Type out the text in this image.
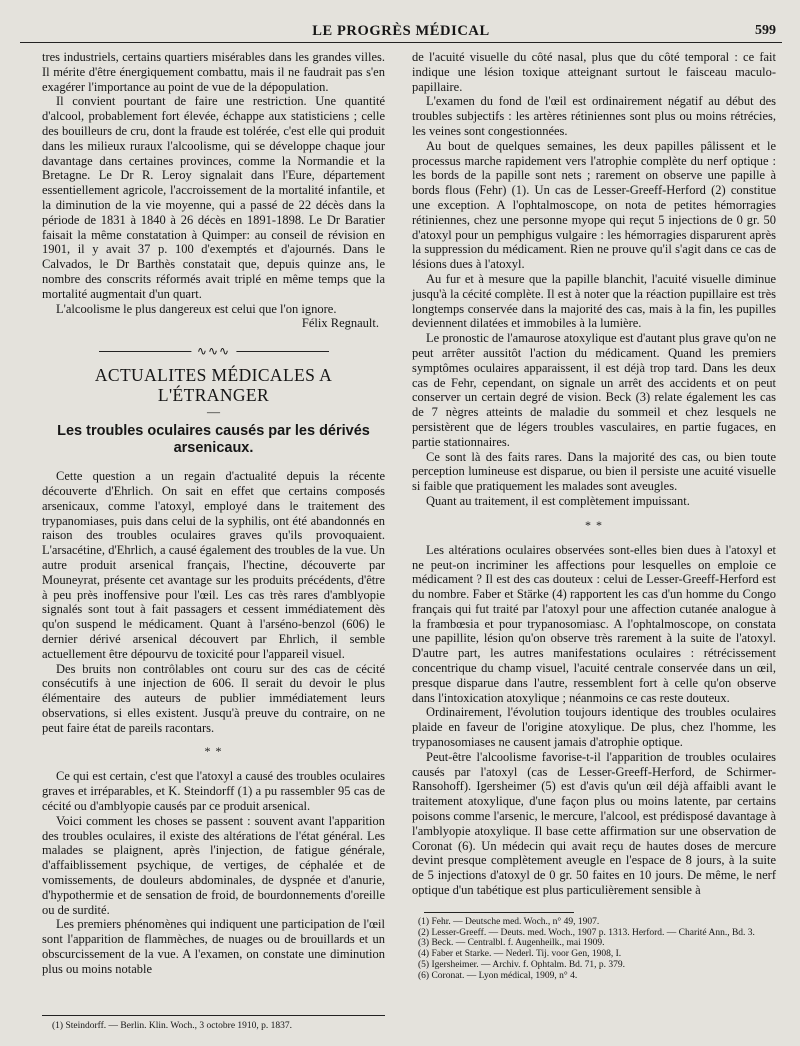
LE PROGRÈS MÉDICAL	599

tres industriels, certains quartiers misérables dans les grandes villes. Il mérite d'être énergiquement combattu, mais il ne faudrait pas s'en exagérer l'importance au point de vue de la dépopulation.

Il convient pourtant de faire une restriction. Une quantité d'alcool, probablement fort élevée, échappe aux statisticiens ; celle des bouilleurs de cru, dont la fraude est tolérée, c'est elle qui produit dans les milieux ruraux l'alcoolisme, qui se développe chaque jour davantage dans certaines provinces, comme la Normandie et la Bretagne. Le Dr R. Leroy signalait dans l'Eure, département essentiellement agricole, l'accroissement de la mortalité infantile, et la diminution de la vie moyenne, qui a passé de 22 décès dans la période de 1831 à 1840 à 26 décès en 1891-1898. Le Dr Baratier faisait la même constatation à Quimper: au conseil de révision en 1901, il y avait 37 p. 100 d'exemptés et d'ajournés. Dans le Calvados, le Dr Barthès constatait que, depuis quinze ans, le nombre des conscrits réformés avait triplé en même temps que la mortalité augmentait d'un quart.

L'alcoolisme le plus dangereux est celui que l'on ignore.

Félix Regnault.

∿∿∿
ACTUALITES MÉDICALES A L'ÉTRANGER
—
Les troubles oculaires causés par les dérivés arsenicaux.

Cette question a un regain d'actualité depuis la récente découverte d'Ehrlich. On sait en effet que certains composés arsenicaux, comme l'atoxyl, employé dans le traitement des trypanomiases, puis dans celui de la syphilis, ont été abandonnés en raison des troubles oculaires graves qu'ils provoquaient. L'arsacétine, d'Ehrlich, a causé également des troubles de la vue. Un autre produit arsenical français, l'hectine, découverte par Mouneyrat, présente cet avantage sur les produits précédents, d'être à peu près inoffensive pour l'œil. Les cas très rares d'amblyopie signalés sont tout à fait passagers et cessent immédiatement dès qu'on suspend le médicament. Quant à l'arséno-benzol (606) le dernier dérivé arsenical découvert par Ehrlich, il semble actuellement être dépourvu de toxicité pour l'appareil visuel.

Des bruits non contrôlables ont couru sur des cas de cécité consécutifs à une injection de 606. Il serait du devoir le plus élémentaire des auteurs de publier immédiatement leurs observations, si elles existent. Jusqu'à preuve du contraire, on ne peut faire état de pareils racontars.

* *

Ce qui est certain, c'est que l'atoxyl a causé des troubles oculaires graves et irréparables, et K. Steindorff (1) a pu rassembler 95 cas de cécité ou d'amblyopie causés par ce produit arsenical.

Voici comment les choses se passent : souvent avant l'apparition des troubles oculaires, il existe des altérations de l'état général. Les malades se plaignent, après l'injection, de fatigue générale, d'affaiblissement psychique, de vertiges, de céphalée et de vomissements, de douleurs abdominales, de dyspnée et d'anurie, d'hypothermie et de sensation de froid, de bourdonnements d'oreille ou de surdité.

Les premiers phénomènes qui indiquent une participation de l'œil sont l'apparition de flammèches, de nuages ou de brouillards et un obscurcissement de la vue. A l'examen, on constate une diminution plus ou moins notable

(1) Steindorff. — Berlin. Klin. Woch., 3 octobre 1910, p. 1837.

de l'acuité visuelle du côté nasal, plus que du côté temporal : ce fait indique une lésion toxique atteignant surtout le faisceau maculo-papillaire.

L'examen du fond de l'œil est ordinairement négatif au début des troubles subjectifs : les artères rétiniennes sont plus ou moins rétrécies, les veines sont congestionnées.

Au bout de quelques semaines, les deux papilles pâlissent et le processus marche rapidement vers l'atrophie complète du nerf optique : les bords de la papille sont nets ; rarement on observe une papille à bords flous (Fehr) (1). Un cas de Lesser-Greeff-Herford (2) constitue une exception. A l'ophtalmoscope, on nota de petites hémorragies rétiniennes, chez une personne myope qui reçut 5 injections de 0 gr. 50 d'atoxyl pour un pemphigus vulgaire : les hémorragies disparurent après la suppression du médicament. Rien ne prouve qu'il s'agit dans ce cas de lésions dues à l'atoxyl.

Au fur et à mesure que la papille blanchit, l'acuité visuelle diminue jusqu'à la cécité complète. Il est à noter que la réaction pupillaire est très longtemps conservée dans la majorité des cas, mais à la fin, les pupilles deviennent dilatées et immobiles à la lumière.

Le pronostic de l'amaurose atoxylique est d'autant plus grave qu'on ne peut arrêter aussitôt l'action du médicament. Quand les premiers symptômes oculaires apparaissent, il est déjà trop tard. Dans les deux cas de Fehr, cependant, on signale un arrêt des accidents et on peut conserver un certain degré de vision. Beck (3) relate également les cas de 7 nègres atteints de maladie du sommeil et chez lesquels ne persistèrent que de légers troubles vasculaires, en partie fugaces, en partie stationnaires.

Ce sont là des faits rares. Dans la majorité des cas, ou bien toute perception lumineuse est disparue, ou bien il persiste une acuité visuelle si faible que pratiquement les malades sont aveugles.

Quant au traitement, il est complètement impuissant.

* *

Les altérations oculaires observées sont-elles bien dues à l'atoxyl et ne peut-on incriminer les affections pour lesquelles on emploie ce médicament ? Il est des cas douteux : celui de Lesser-Greeff-Herford est du nombre. Faber et Stärke (4) rapportent les cas d'un homme du Congo français qui fut traité par l'atoxyl pour une affection cutanée analogue à la frambœsia et pour trypanosomiasc. A l'ophtalmoscope, on constata une papillite, lésion qu'on observe très rarement à la suite de l'atoxyl. D'autre part, les autres manifestations oculaires : rétrécissement concentrique du champ visuel, l'acuité centrale conservée dans un œil, presque disparue dans l'autre, ressemblent fort à celle qu'on observe dans l'intoxication atoxylique ; néanmoins ce cas reste douteux.

Ordinairement, l'évolution toujours identique des troubles oculaires plaide en faveur de l'origine atoxylique. De plus, chez l'homme, les trypanosomiases ne causent jamais d'atrophie optique.

Peut-être l'alcoolisme favorise-t-il l'apparition de troubles oculaires causés par l'atoxyl (cas de Lesser-Greeff-Herford, de Schirmer-Ransohoff). Igersheimer (5) est d'avis qu'un œil déjà affaibli avant le traitement atoxylique, d'une façon plus ou moins latente, par certains poisons comme l'arsenic, le mercure, l'alcool, est prédisposé davantage à l'amblyopie atoxylique. Il base cette affirmation sur une observation de Coronat (6). Un médecin qui avait reçu de hautes doses de mercure devint presque complètement aveugle en l'espace de 8 jours, à la suite de 5 injections d'atoxyl de 0 gr. 50 faites en 10 jours. De même, le nerf optique d'un tabétique est plus particulièrement sensible à

(1) Fehr. — Deutsche med. Woch., n° 49, 1907.
(2) Lesser-Greeff. — Deuts. med. Woch., 1907 p. 1313. Herford. — Charité Ann., Bd. 3.
(3) Beck. — Centralbl. f. Augenheilk., mai 1909.
(4) Faber et Starke. — Nederl. Tij. voor Gen, 1908, I.
(5) Igersheimer. — Archiv. f. Ophtalm. Bd. 71, p. 379.
(6) Coronat. — Lyon médical, 1909, n° 4.
